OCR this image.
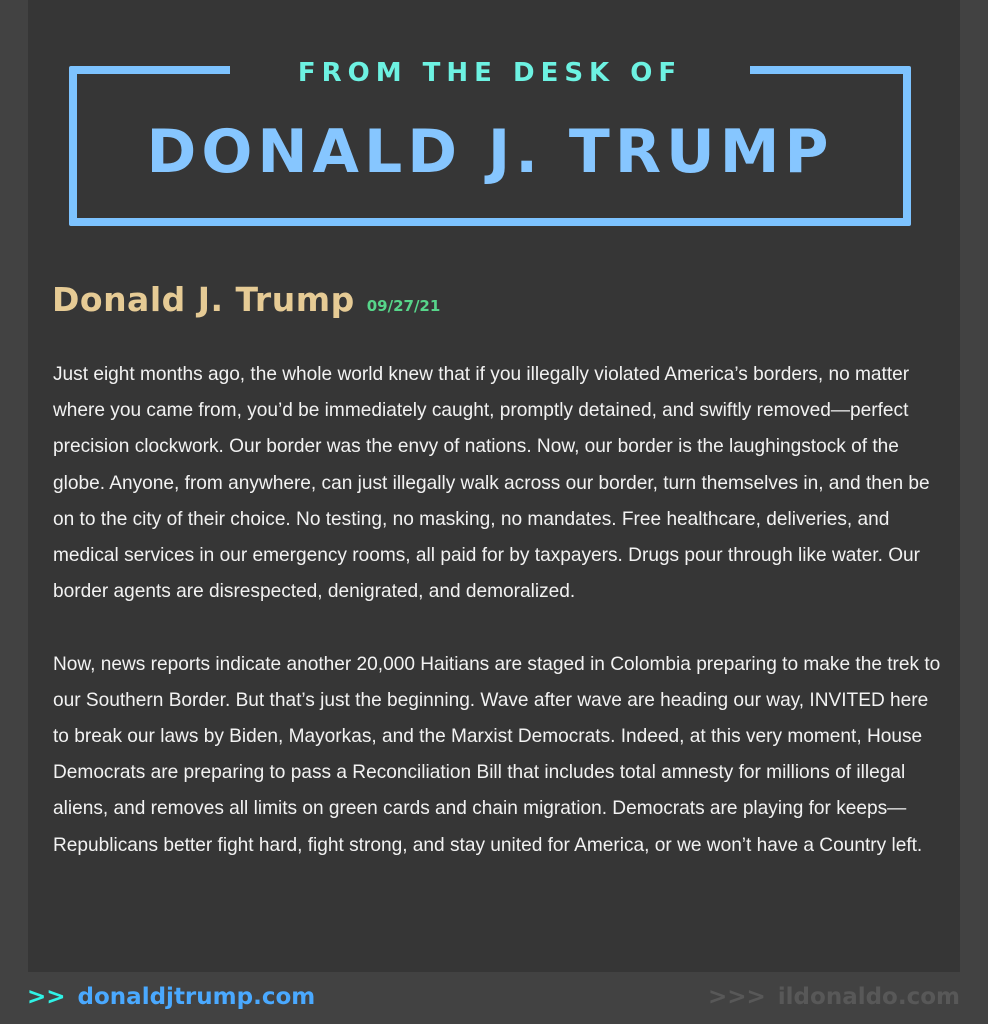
FROM THE DESK OF
DONALD J. TRUMP
Donald J. Trump 09/27/21

Just eight months ago, the whole world knew that if you illegally violated America’s borders, no matter where you came from, you’d be immediately caught, promptly detained, and swiftly removed—perfect precision clockwork. Our border was the envy of nations. Now, our border is the laughingstock of the globe. Anyone, from anywhere, can just illegally walk across our border, turn themselves in, and then be on to the city of their choice. No testing, no masking, no mandates. Free healthcare, deliveries, and medical services in our emergency rooms, all paid for by taxpayers. Drugs pour through like water. Our border agents are disrespected, denigrated, and demoralized.

Now, news reports indicate another 20,000 Haitians are staged in Colombia preparing to make the trek to our Southern Border. But that’s just the beginning. Wave after wave are heading our way, INVITED here to break our laws by Biden, Mayorkas, and the Marxist Democrats. Indeed, at this very moment, House Democrats are preparing to pass a Reconciliation Bill that includes total amnesty for millions of illegal aliens, and removes all limits on green cards and chain migration. Democrats are playing for keeps—Republicans better fight hard, fight strong, and stay united for America, or we won’t have a Country left.

>> donaldjtrump.com	>>> ildonaldo.com
